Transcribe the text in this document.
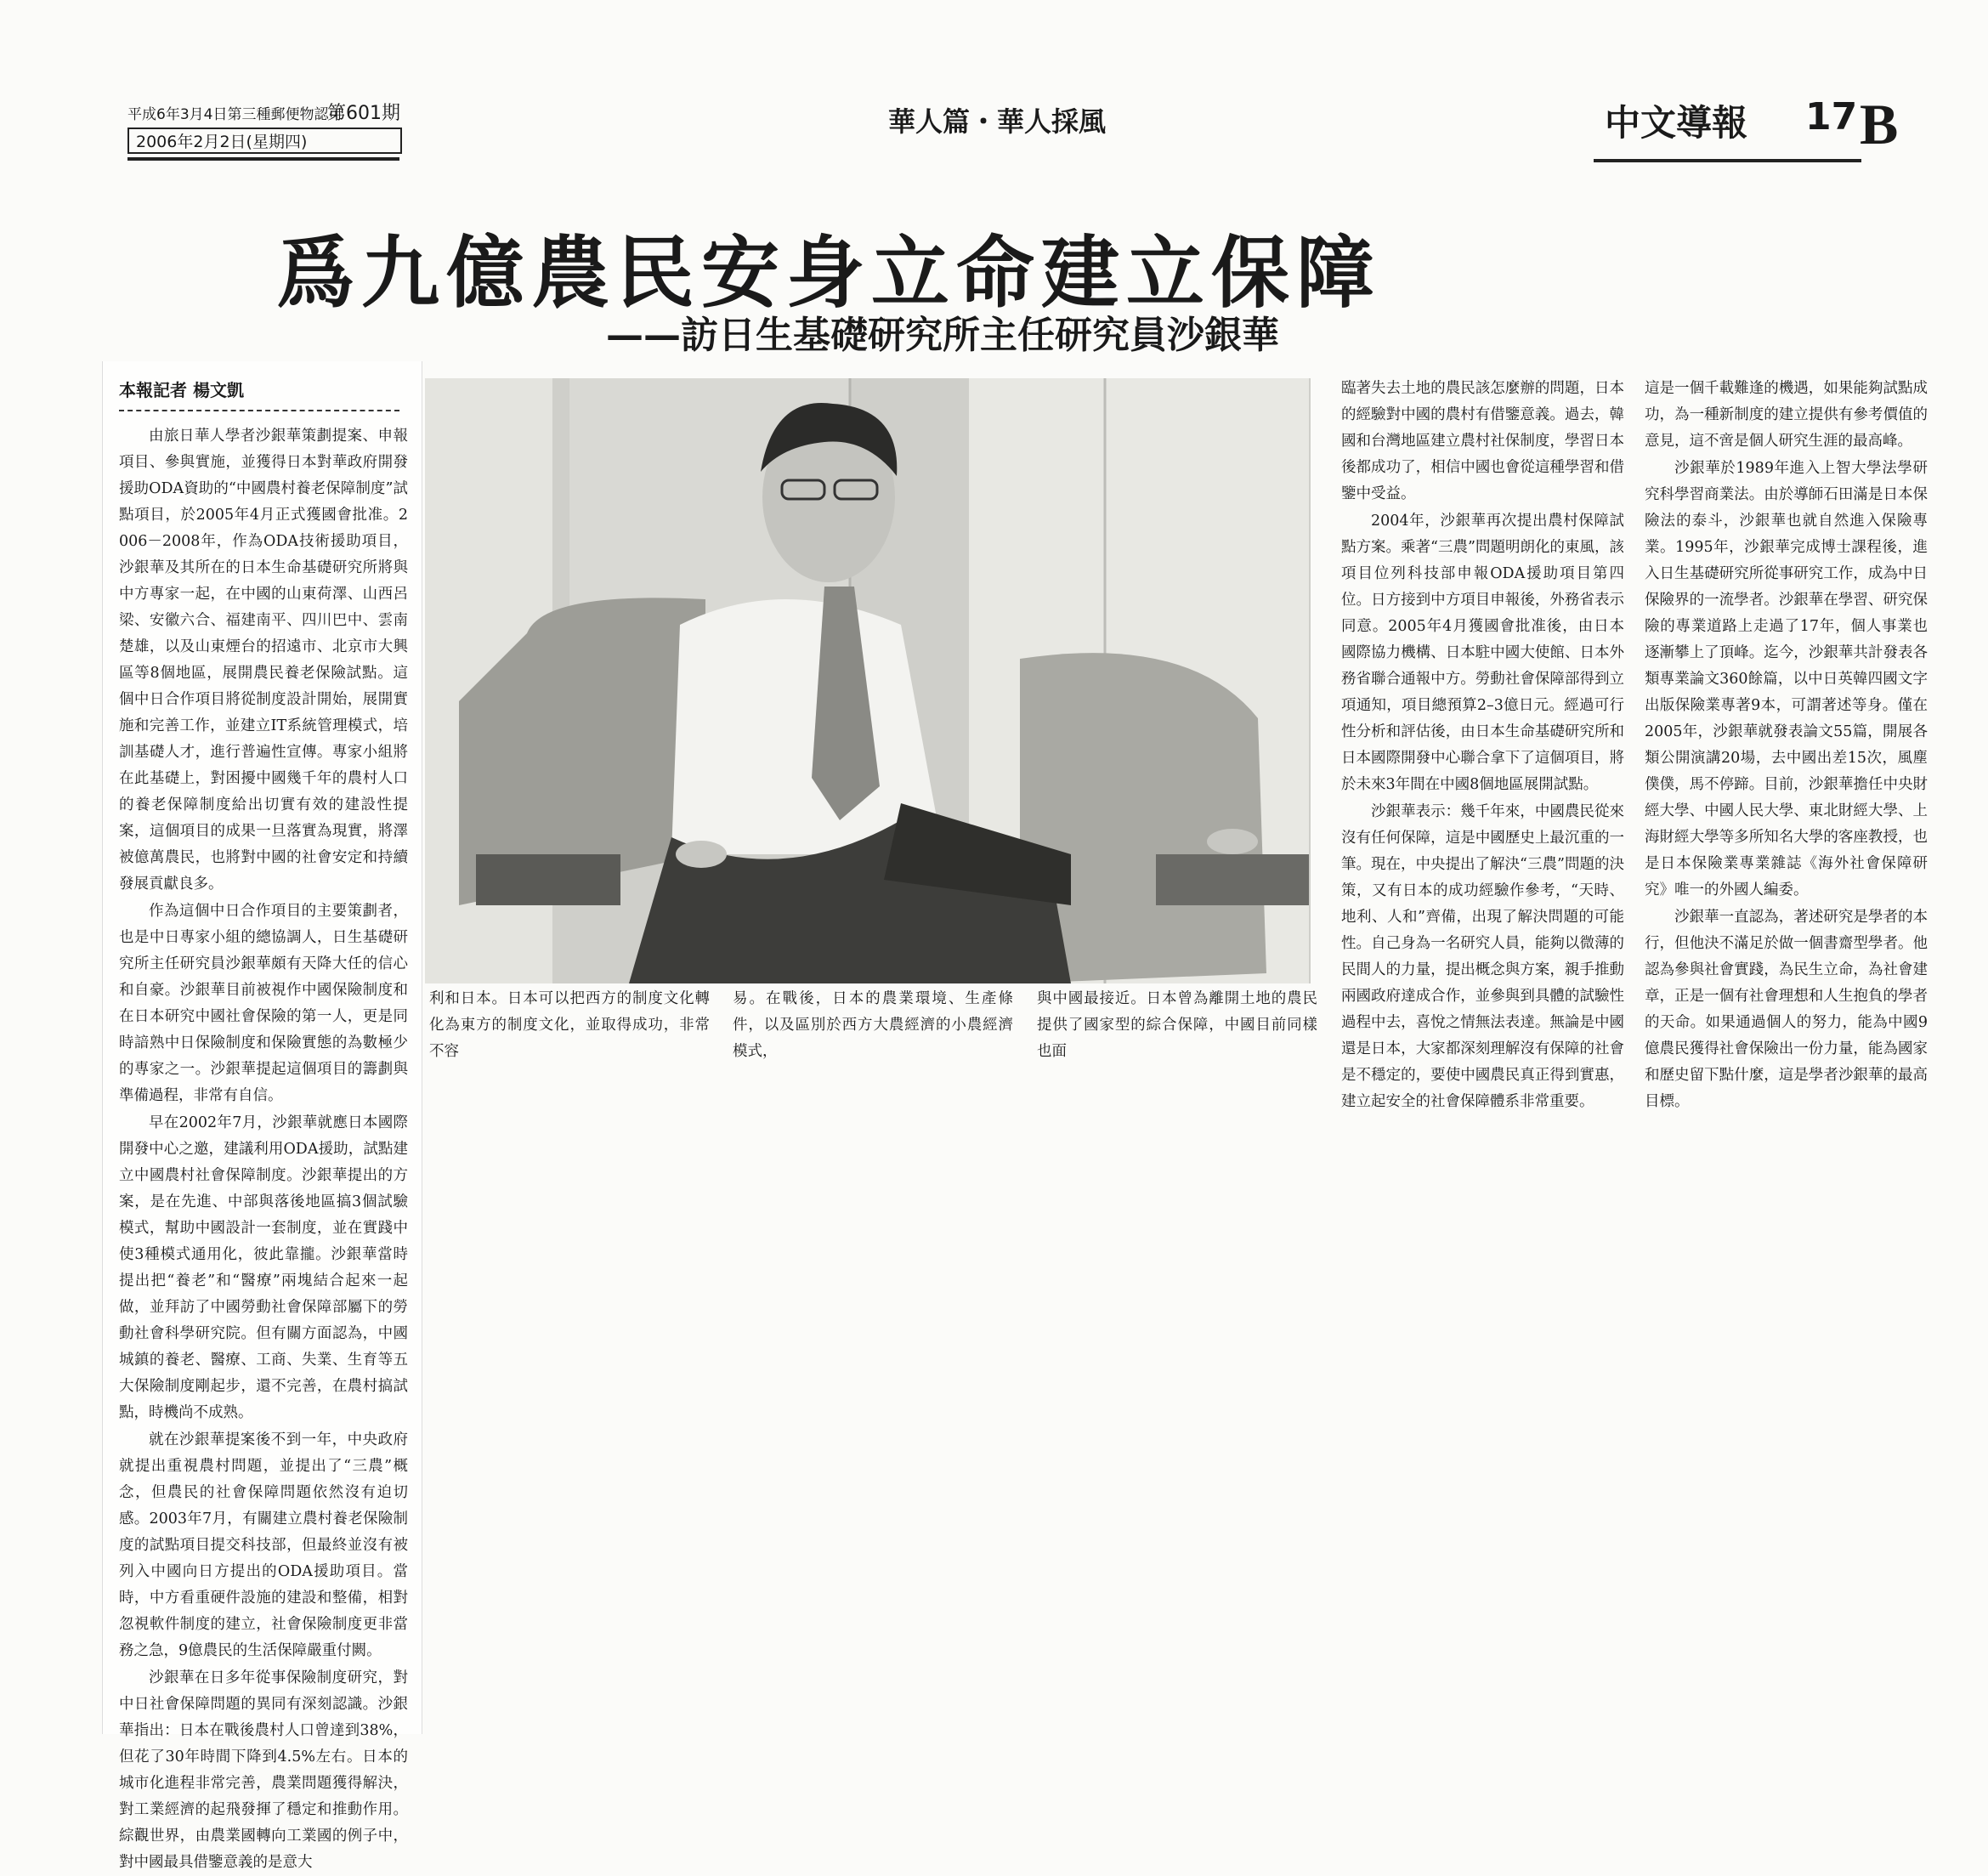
平成6年3月4日第三種郵便物認可
第601期
2006年2月2日(星期四)
華人篇・華人採風	中文導報 17 B
爲九億農民安身立命建立保障
——訪日生基礎研究所主任研究員沙銀華
本報記者 楊文凱

由旅日華人學者沙銀華策劃提案、申報項目、參與實施，並獲得日本對華政府開發援助ODA資助的“中國農村養老保障制度”試點項目，於2005年4月正式獲國會批准。2006－2008年，作為ODA技術援助項目，沙銀華及其所在的日本生命基礎研究所將與中方專家一起，在中國的山東荷澤、山西呂梁、安徽六合、福建南平、四川巴中、雲南楚雄，以及山東煙台的招遠市、北京市大興區等8個地區，展開農民養老保險試點。這個中日合作項目將從制度設計開始，展開實施和完善工作，並建立IT系統管理模式，培訓基礎人才，進行普遍性宣傳。專家小組將在此基礎上，對困擾中國幾千年的農村人口的養老保障制度給出切實有效的建設性提案，這個項目的成果一旦落實為現實，將澤被億萬農民，也將對中國的社會安定和持續發展貢獻良多。

作為這個中日合作項目的主要策劃者，也是中日專家小組的總協調人，日生基礎研究所主任研究員沙銀華頗有天降大任的信心和自豪。沙銀華目前被視作中國保險制度和在日本研究中國社會保險的第一人，更是同時諳熟中日保險制度和保險實態的為數極少的專家之一。沙銀華提起這個項目的籌劃與準備過程，非常有自信。

早在2002年7月，沙銀華就應日本國際開發中心之邀，建議利用ODA援助，試點建立中國農村社會保障制度。沙銀華提出的方案，是在先進、中部與落後地區搞3個試驗模式，幫助中國設計一套制度，並在實踐中使3種模式通用化，彼此靠攏。沙銀華當時提出把“養老”和“醫療”兩塊結合起來一起做，並拜訪了中國勞動社會保障部屬下的勞動社會科學研究院。但有關方面認為，中國城鎮的養老、醫療、工商、失業、生育等五大保險制度剛起步，還不完善，在農村搞試點，時機尚不成熟。

就在沙銀華提案後不到一年，中央政府就提出重視農村問題，並提出了“三農”概念，但農民的社會保障問題依然沒有迫切感。2003年7月，有關建立農村養老保險制度的試點項目提交科技部，但最終並沒有被列入中國向日方提出的ODA援助項目。當時，中方看重硬件設施的建設和整備，相對忽視軟件制度的建立，社會保險制度更非當務之急，9億農民的生活保障嚴重付闕。

沙銀華在日多年從事保險制度研究，對中日社會保障問題的異同有深刻認識。沙銀華指出：日本在戰後農村人口曾達到38%，但花了30年時間下降到4.5%左右。日本的城市化進程非常完善，農業問題獲得解決，對工業經濟的起飛發揮了穩定和推動作用。綜觀世界，由農業國轉向工業國的例子中，對中國最具借鑒意義的是意大

利和日本。日本可以把西方的制度文化轉化為東方的制度文化，並取得成功，非常不容

易。在戰後，日本的農業環境、生產條件，以及區別於西方大農經濟的小農經濟模式，

與中國最接近。日本曾為離開土地的農民提供了國家型的綜合保障，中國目前同樣也面

臨著失去土地的農民該怎麼辦的問題，日本的經驗對中國的農村有借鑒意義。過去，韓國和台灣地區建立農村社保制度，學習日本後都成功了，相信中國也會從這種學習和借鑒中受益。

2004年，沙銀華再次提出農村保障試點方案。乘著“三農”問題明朗化的東風，該項目位列科技部申報ODA援助項目第四位。日方接到中方項目申報後，外務省表示同意。2005年4月獲國會批准後，由日本國際協力機構、日本駐中國大使館、日本外務省聯合通報中方。勞動社會保障部得到立項通知，項目總預算2–3億日元。經過可行性分析和評估後，由日本生命基礎研究所和日本國際開發中心聯合拿下了這個項目，將於未來3年間在中國8個地區展開試點。

沙銀華表示：幾千年來，中國農民從來沒有任何保障，這是中國歷史上最沉重的一筆。現在，中央提出了解決“三農”問題的決策，又有日本的成功經驗作參考，“天時、地利、人和”齊備，出現了解決問題的可能性。自己身為一名研究人員，能夠以微薄的民間人的力量，提出概念與方案，親手推動兩國政府達成合作，並參與到具體的試驗性過程中去，喜悅之情無法表達。無論是中國還是日本，大家都深刻理解沒有保障的社會是不穩定的，要使中國農民真正得到實惠，建立起安全的社會保障體系非常重要。

這是一個千載難逢的機遇，如果能夠試點成功，為一種新制度的建立提供有參考價值的意見，這不啻是個人研究生涯的最高峰。

沙銀華於1989年進入上智大學法學研究科學習商業法。由於導師石田滿是日本保險法的泰斗，沙銀華也就自然進入保險專業。1995年，沙銀華完成博士課程後，進入日生基礎研究所從事研究工作，成為中日保險界的一流學者。沙銀華在學習、研究保險的專業道路上走過了17年，個人事業也逐漸攀上了頂峰。迄今，沙銀華共計發表各類專業論文360餘篇，以中日英韓四國文字出版保險業專著9本，可謂著述等身。僅在2005年，沙銀華就發表論文55篇，開展各類公開演講20場，去中國出差15次，風塵僕僕，馬不停蹄。目前，沙銀華擔任中央財經大學、中國人民大學、東北財經大學、上海財經大學等多所知名大學的客座教授，也是日本保險業專業雜誌《海外社會保障研究》唯一的外國人編委。

沙銀華一直認為，著述研究是學者的本行，但他決不滿足於做一個書齋型學者。他認為參與社會實踐，為民生立命，為社會建章，正是一個有社會理想和人生抱負的學者的天命。如果通過個人的努力，能為中國9億農民獲得社會保險出一份力量，能為國家和歷史留下點什麼，這是學者沙銀華的最高目標。
